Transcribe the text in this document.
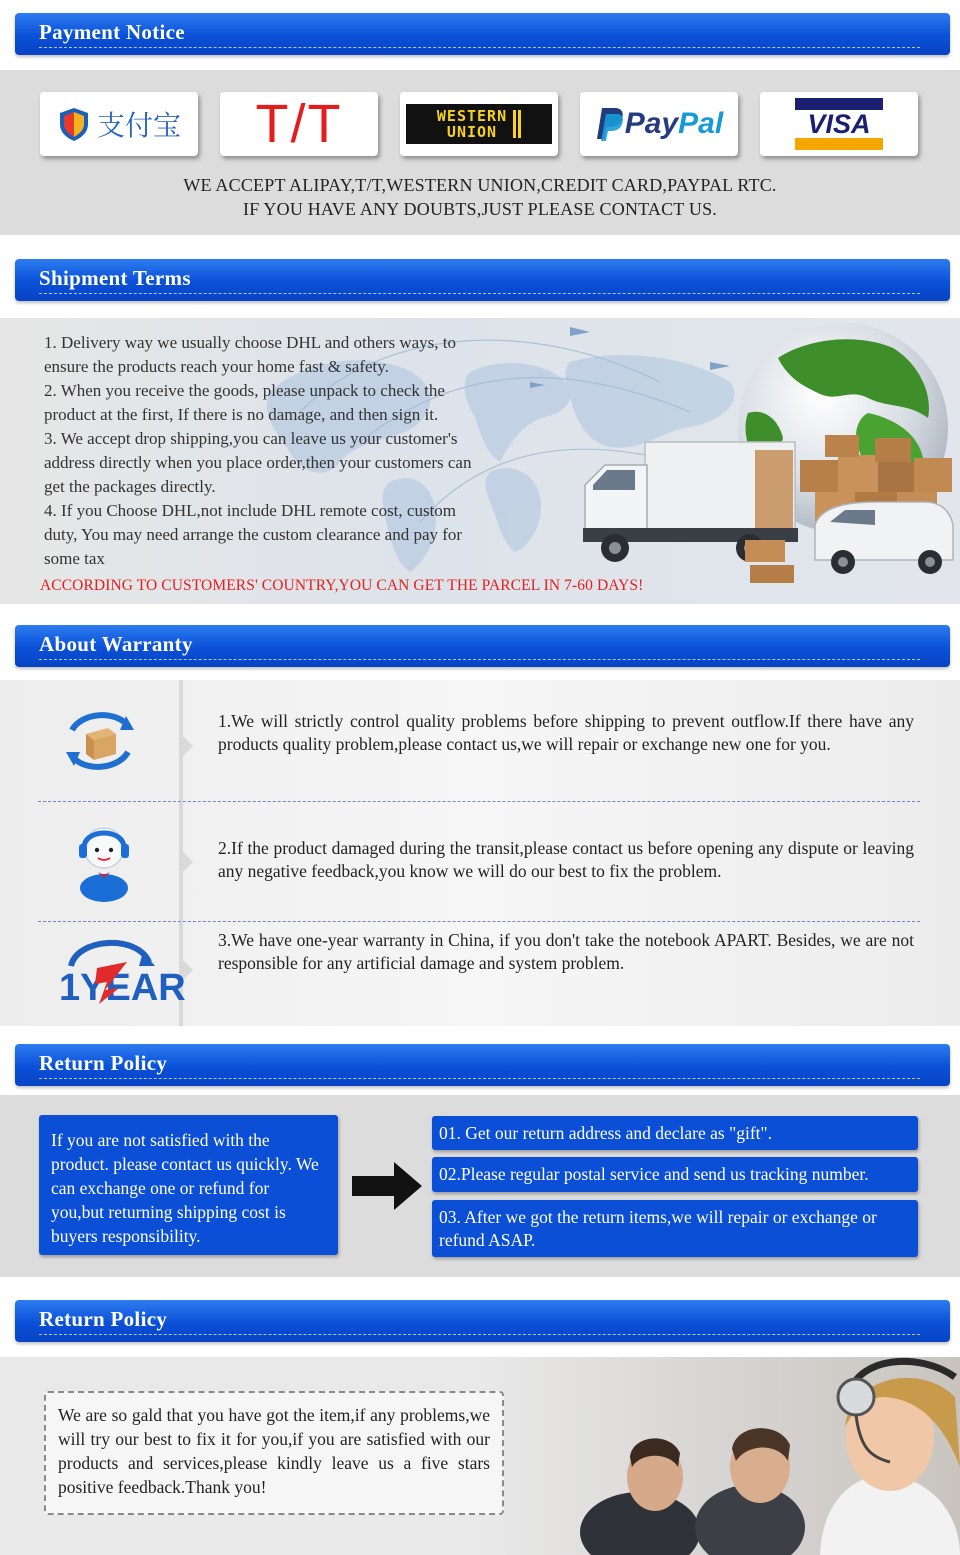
Payment Notice
支付宝 T/T	WESTERN
UNION	PayPal	VISA
WE ACCEPT ALIPAY,T/T,WESTERN UNION,CREDIT CARD,PAYPAL RTC.
IF YOU HAVE ANY DOUBTS,JUST PLEASE CONTACT US.
Shipment Terms
1. Delivery way we usually choose DHL and others ways, to
ensure the products reach your home fast & safety.
2. When you receive the goods, please unpack to check the
product at the first, If there is no damage, and then sign it.
3. We accept drop shipping,you can leave us your customer's
address directly when you place order,then your customers can
get the packages directly.
4. If you Choose DHL,not include DHL remote cost, custom
duty, You may need arrange the custom clearance and pay for
some tax
ACCORDING TO CUSTOMERS' COUNTRY,YOU CAN GET THE PARCEL IN 7-60 DAYS!
About Warranty
1YEAR
1.We will strictly control quality problems before shipping to prevent outflow.If there have any products quality problem,please contact us,we will repair or exchange new one for you.
2.If the product damaged during the transit,please contact us before opening any dispute or leaving any negative feedback,you know we will do our best to fix the problem.
3.We have one-year warranty in China, if you don't take the notebook APART. Besides, we are not responsible for any artificial damage and system problem.
Return Policy
If you are not satisfied with the product. please contact us quickly. We can exchange one or refund for you,but returning shipping cost is buyers responsibility.
01. Get our return address and declare as "gift".
02.Please regular postal service and send us tracking number.
03. After we got the return items,we will repair or exchange or refund ASAP.
Return Policy
We are so gald that you have got the item,if any problems,we will try our best to fix it for you,if you are satisfied with our products and services,please kindly leave us a five stars positive feedback.Thank you!
